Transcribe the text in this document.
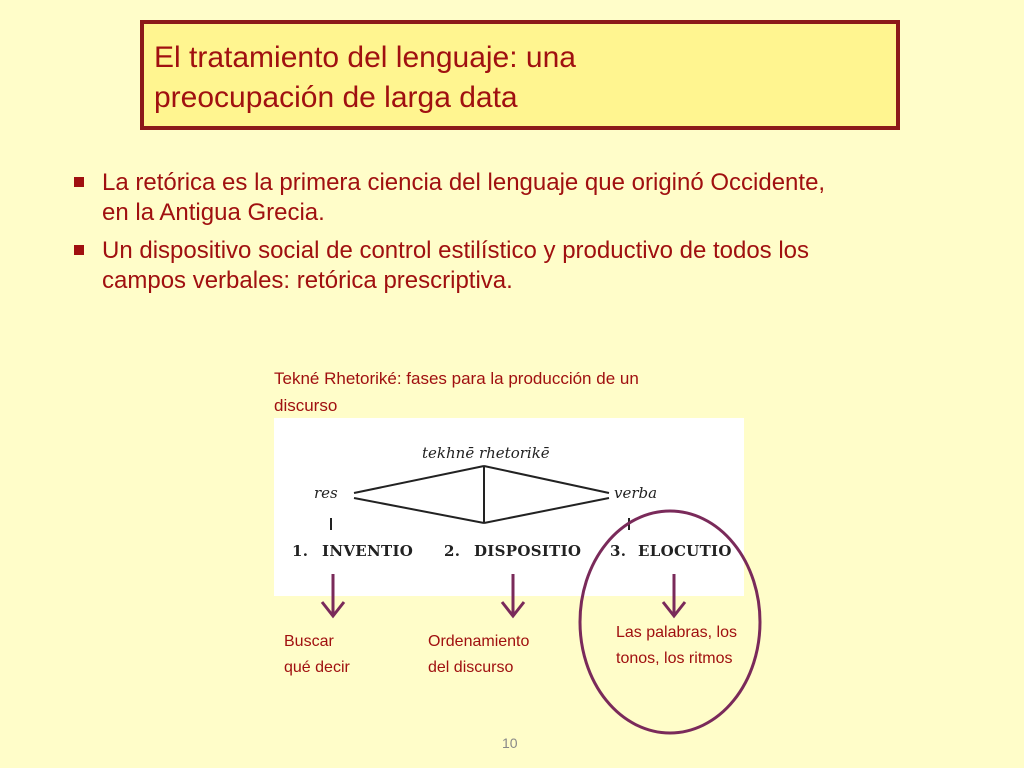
El tratamiento del lenguaje: una
preocupación de larga data
La retórica es la primera ciencia del lenguaje que originó Occidente,
en la Antigua Grecia.
Un dispositivo social de control estilístico y productivo de todos los
campos verbales: retórica prescriptiva.
Tekné Rhetoriké: fases para la producción de un
discurso
tekhnē rhetorikē
res	verba
1. INVENTIO 2. DISPOSITIO 3. ELOCUTIO
Buscar
qué decir
Ordenamiento
del discurso
Las palabras, los
tonos, los ritmos
10
